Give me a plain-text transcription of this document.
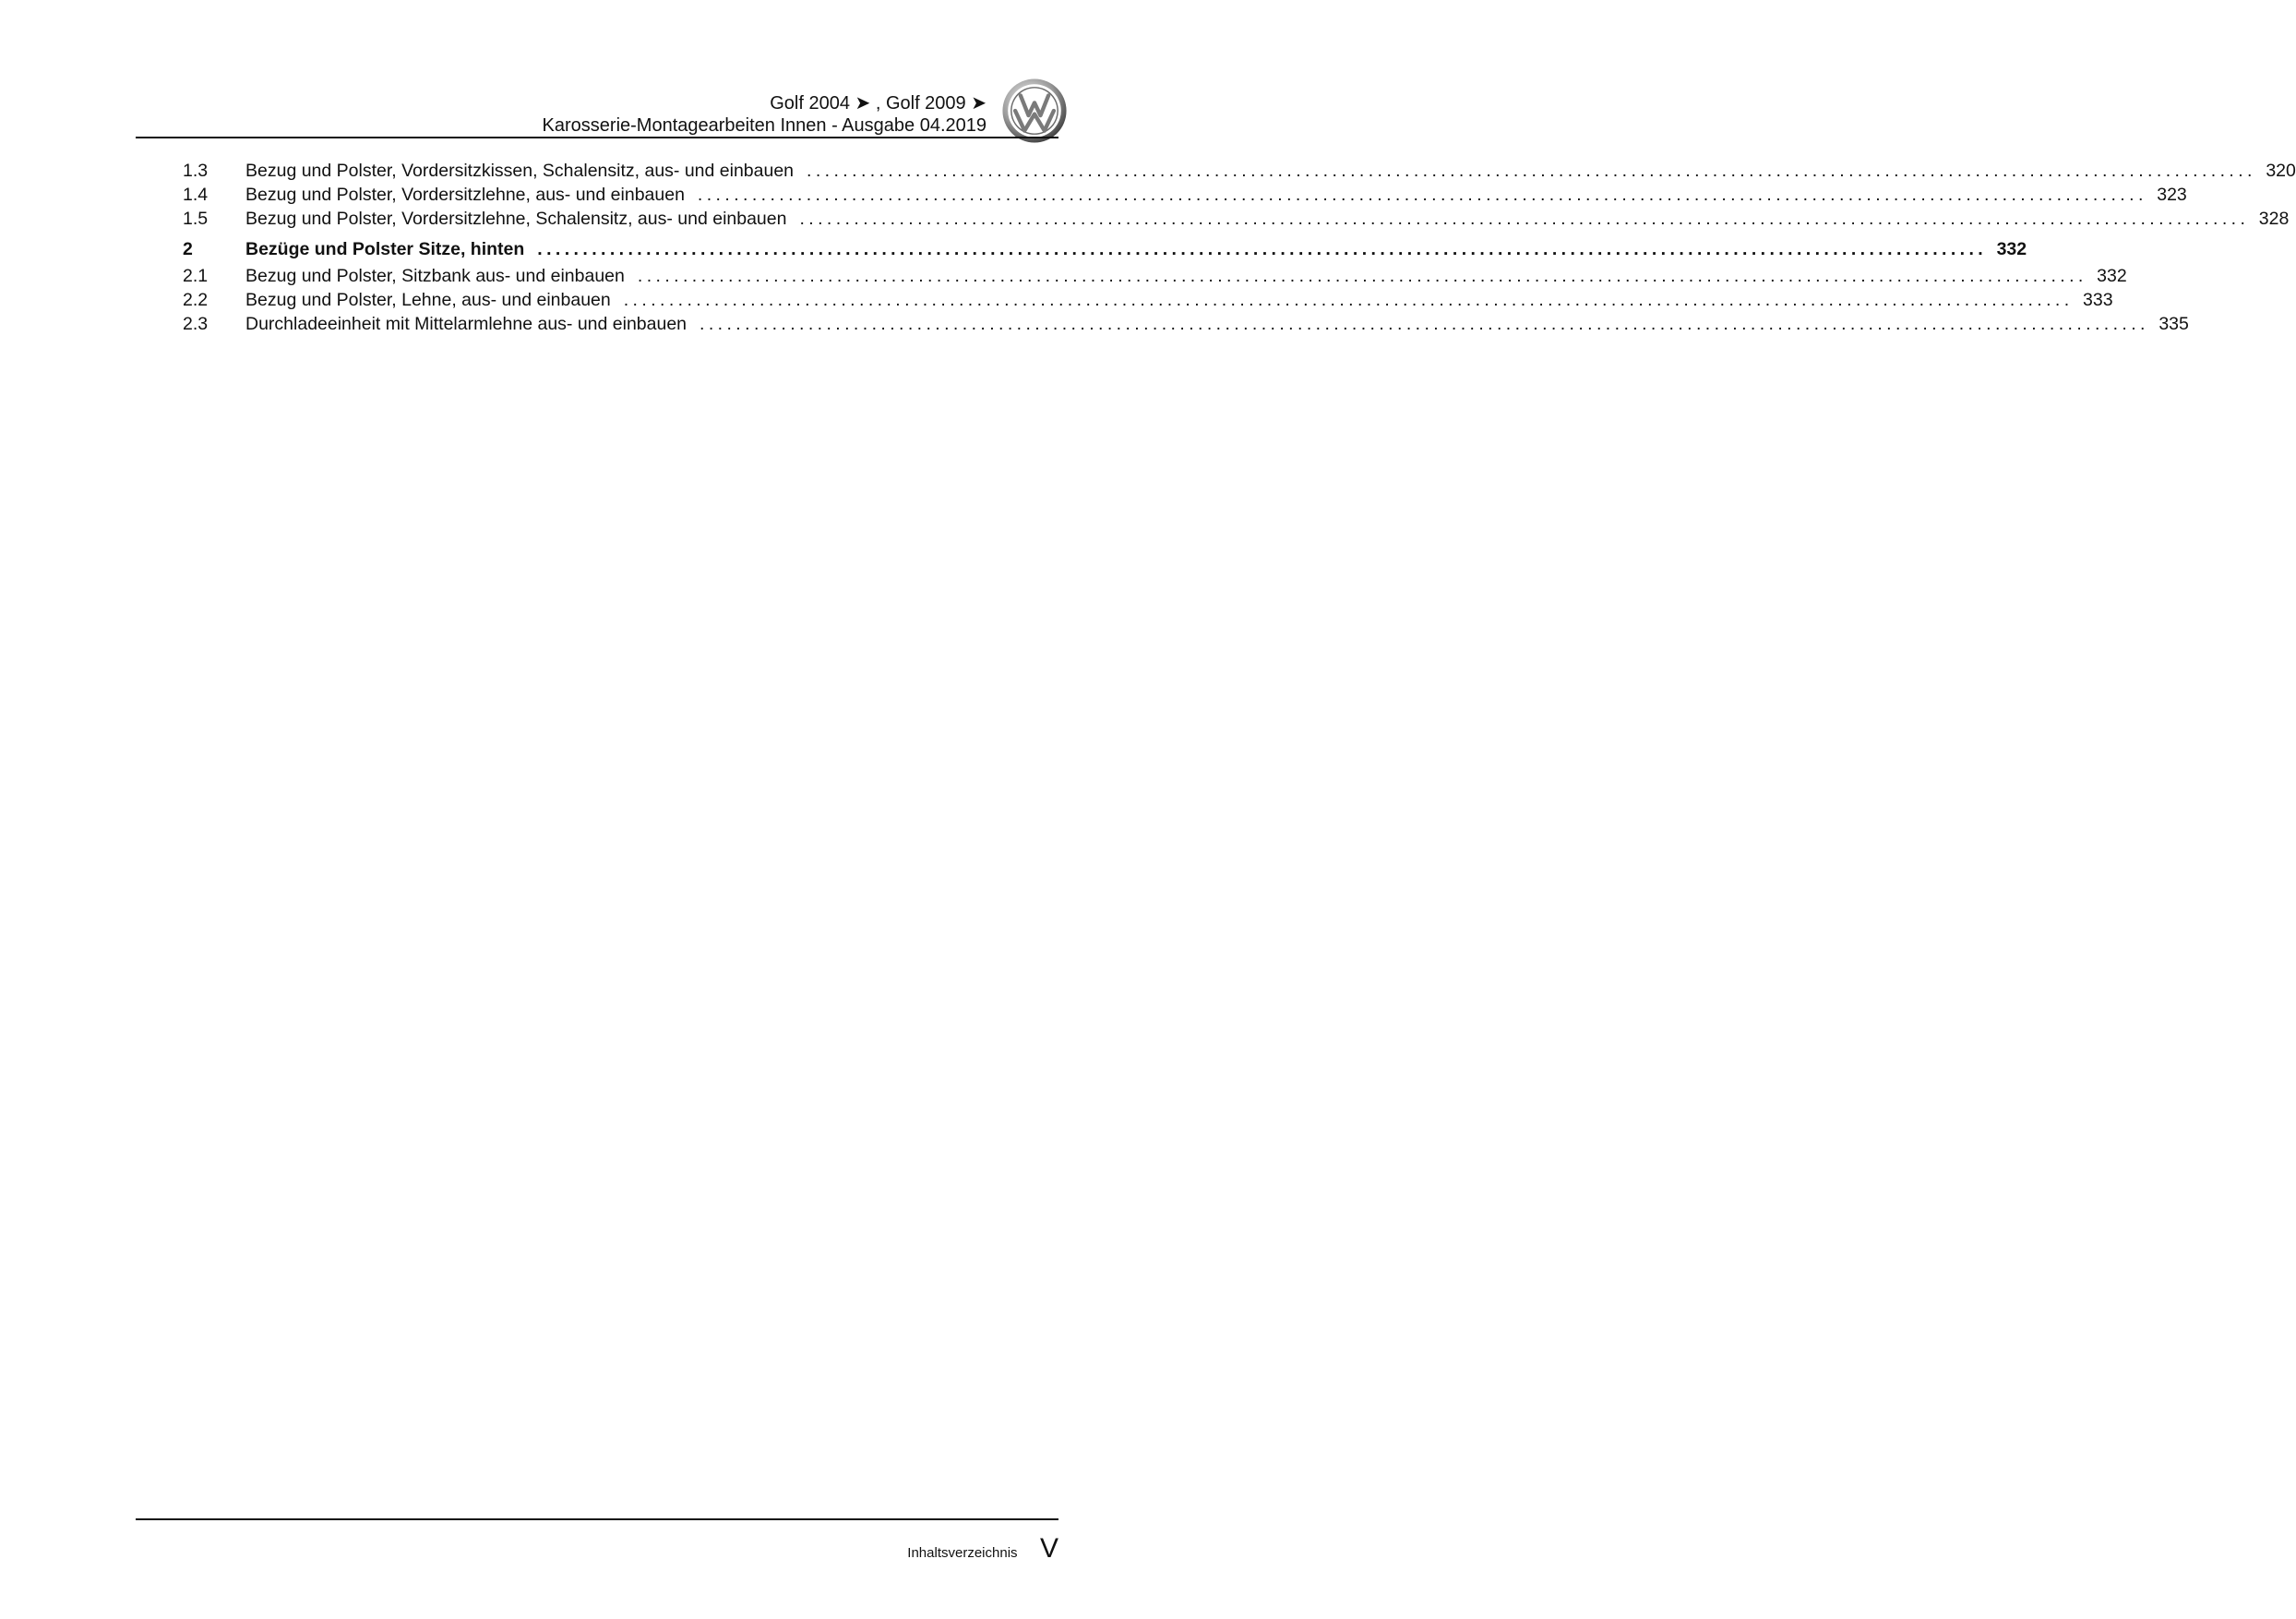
Golf 2004 ➤ , Golf 2009 ➤
Karosserie-Montagearbeiten Innen - Ausgabe 04.2019
1.3	Bezug und Polster, Vordersitzkissen, Schalensitz, aus- und einbauen ................................................................................................................................................................ 320
1.4	Bezug und Polster, Vordersitzlehne, aus- und einbauen ................................................................................................................................................................ 323
1.5	Bezug und Polster, Vordersitzlehne, Schalensitz, aus- und einbauen ................................................................................................................................................................ 328
2	Bezüge und Polster Sitze, hinten ................................................................................................................................................................ 332
2.1	Bezug und Polster, Sitzbank aus- und einbauen ................................................................................................................................................................ 332
2.2	Bezug und Polster, Lehne, aus- und einbauen ................................................................................................................................................................ 333
2.3	Durchladeeinheit mit Mittelarmlehne aus- und einbauen ................................................................................................................................................................ 335
Inhaltsverzeichnis V
